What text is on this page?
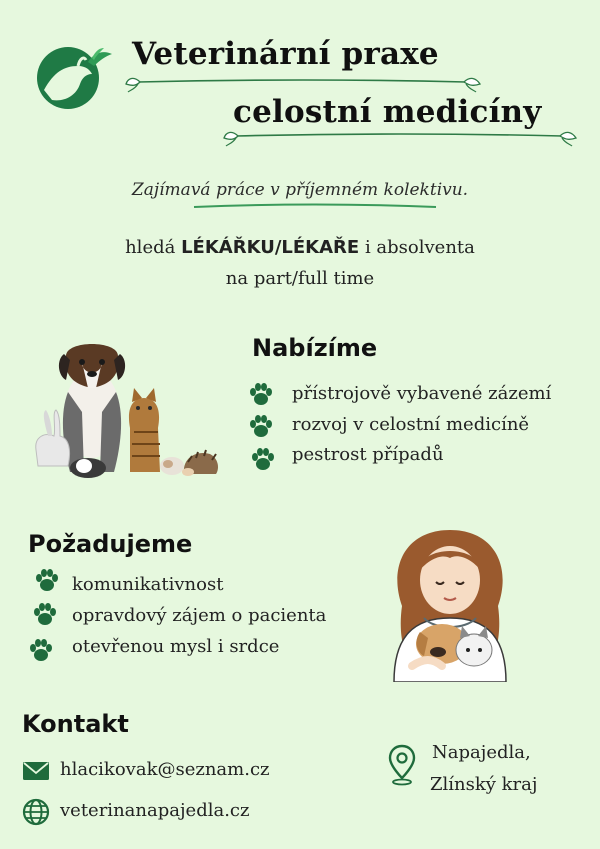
Veterinární praxe
celostní medicíny
Zajímavá práce v příjemném kolektivu.
hledá LÉKÁŘKU/LÉKAŘE i absolventa
na part/full time
Nabízíme
přístrojově vybavené zázemí
rozvoj v celostní medicíně
pestrost případů
Požadujeme
komunikativnost
opravdový zájem o pacienta
otevřenou mysl i srdce
Kontakt
hlacikovak@seznam.cz
veterinanapajedla.cz
Napajedla,
Zlínský kraj
